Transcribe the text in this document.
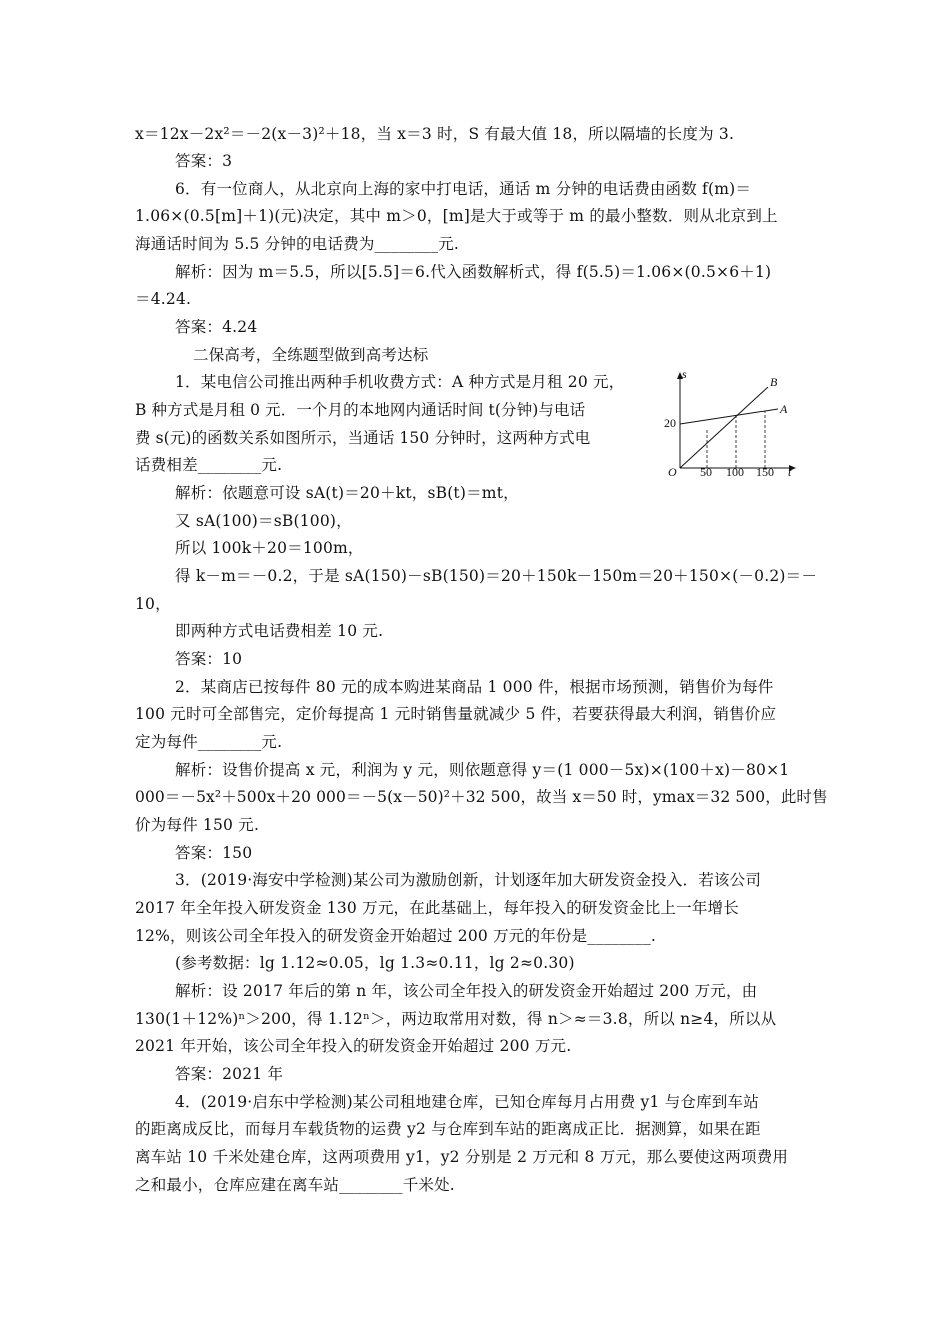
x＝12x－2x²＝－2(x－3)²＋18，当 x＝3 时，S 有最大值 18，所以隔墙的长度为 3.
答案：3
6．有一位商人，从北京向上海的家中打电话，通话 m 分钟的电话费由函数 f(m)＝
1.06×(0.5[m]＋1)(元)决定，其中 m＞0，[m]是大于或等于 m 的最小整数．则从北京到上
海通话时间为 5.5 分钟的电话费为________元.
解析：因为 m＝5.5，所以[5.5]＝6.代入函数解析式，得 f(5.5)＝1.06×(0.5×6＋1)
＝4.24.
答案：4.24
二保高考，全练题型做到高考达标
1．某电信公司推出两种手机收费方式：A 种方式是月租 20 元，
B 种方式是月租 0 元．一个月的本地网内通话时间 t(分钟)与电话
费 s(元)的函数关系如图所示，当通话 150 分钟时，这两种方式电
话费相差________元.
s
t
O
20
50 100 150
A
B
解析：依题意可设 sA(t)＝20＋kt，sB(t)＝mt，
又 sA(100)＝sB(100)，
所以 100k＋20＝100m，
得 k－m＝－0.2，于是 sA(150)－sB(150)＝20＋150k－150m＝20＋150×(－0.2)＝－
10，
即两种方式电话费相差 10 元.
答案：10
2．某商店已按每件 80 元的成本购进某商品 1 000 件，根据市场预测，销售价为每件
100 元时可全部售完，定价每提高 1 元时销售量就减少 5 件，若要获得最大利润，销售价应
定为每件________元.
解析：设售价提高 x 元，利润为 y 元，则依题意得 y＝(1 000－5x)×(100＋x)－80×1
000＝－5x²＋500x＋20 000＝－5(x－50)²＋32 500，故当 x＝50 时，ymax＝32 500，此时售
价为每件 150 元.
答案：150
3．(2019·海安中学检测)某公司为激励创新，计划逐年加大研发资金投入．若该公司
2017 年全年投入研发资金 130 万元，在此基础上，每年投入的研发资金比上一年增长
12%，则该公司全年投入的研发资金开始超过 200 万元的年份是________.
(参考数据：lg 1.12≈0.05，lg 1.3≈0.11，lg 2≈0.30)
解析：设 2017 年后的第 n 年，该公司全年投入的研发资金开始超过 200 万元，由
130(1＋12%)ⁿ＞200，得 1.12ⁿ＞，两边取常用对数，得 n＞≈＝3.8，所以 n≥4，所以从
2021 年开始，该公司全年投入的研发资金开始超过 200 万元.
答案：2021 年
4．(2019·启东中学检测)某公司租地建仓库，已知仓库每月占用费 y1 与仓库到车站
的距离成反比，而每月车载货物的运费 y2 与仓库到车站的距离成正比．据测算，如果在距
离车站 10 千米处建仓库，这两项费用 y1，y2 分别是 2 万元和 8 万元，那么要使这两项费用
之和最小，仓库应建在离车站________千米处.
